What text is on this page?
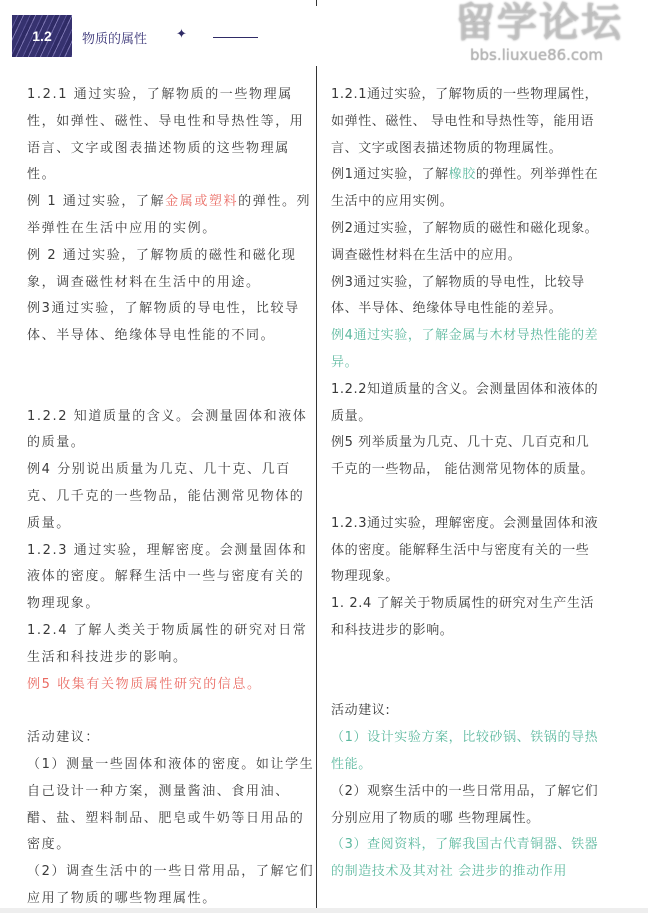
1.2 物质的属性 ✦
1.2.1 通过实验，了解物质的一些物理属
性，如弹性、磁性、导电性和导热性等，用
语言、文字或图表描述物质的这些物理属
性。
例 1 通过实验，了解金属或塑料的弹性。列
举弹性在生活中应用的实例。
例 2 通过实验，了解物质的磁性和磁化现
象，调查磁性材料在生活中的用途。
例3通过实验，了解物质的导电性，比较导
体、半导体、绝缘体导电性能的不同。
1.2.2 知道质量的含义。会测量固体和液体
的质量。
例4 分别说出质量为几克、几十克、几百
克、几千克的一些物品，能估测常见物体的
质量。
1.2.3 通过实验，理解密度。会测量固体和
液体的密度。解释生活中一些与密度有关的
物理现象。
1.2.4 了解人类关于物质属性的研究对日常
生活和科技进步的影响。
例5 收集有关物质属性研究的信息。
活动建议：
（1）测量一些固体和液体的密度。如让学生
自己设计一种方案，测量酱油、食用油、
醋、盐、塑料制品、肥皂或牛奶等日用品的
密度。
（2）调查生活中的一些日常用品，了解它们
应用了物质的哪些物理属性。
1.2.1通过实验，了解物质的一些物理属性，
如弹性、磁性、 导电性和导热性等，能用语
言、文字或图表描述物质的物理属性。
例1通过实验，了解橡胶的弹性。列举弹性在
生活中的应用实例。
例2通过实验，了解物质的磁性和磁化现象。
调查磁性材料在生活中的应用。
例3通过实验，了解物质的导电性，比较导
体、半导体、绝缘体导电性能的差异。
例4通过实验，了解金属与木材导热性能的差
异。
1.2.2知道质量的含义。会测量固体和液体的
质量。
例5 列举质量为几克、几十克、几百克和几
千克的一些物品， 能估测常见物体的质量。
1.2.3通过实验，理解密度。会测量固体和液
体的密度。能解释生活中与密度有关的一些
物理现象。
1. 2.4 了解关于物质属性的研究对生产生活
和科技进步的影响。
活动建议:
（1）设计实验方案，比较砂锅、铁锅的导热
性能。
（2）观察生活中的一些日常用品，了解它们
分别应用了物质的哪 些物理属性。
（3）查阅资料，了解我国古代青铜器、铁器
的制造技术及其对社 会进步的推动作用
留学论坛
bbs.liuxue86.com
